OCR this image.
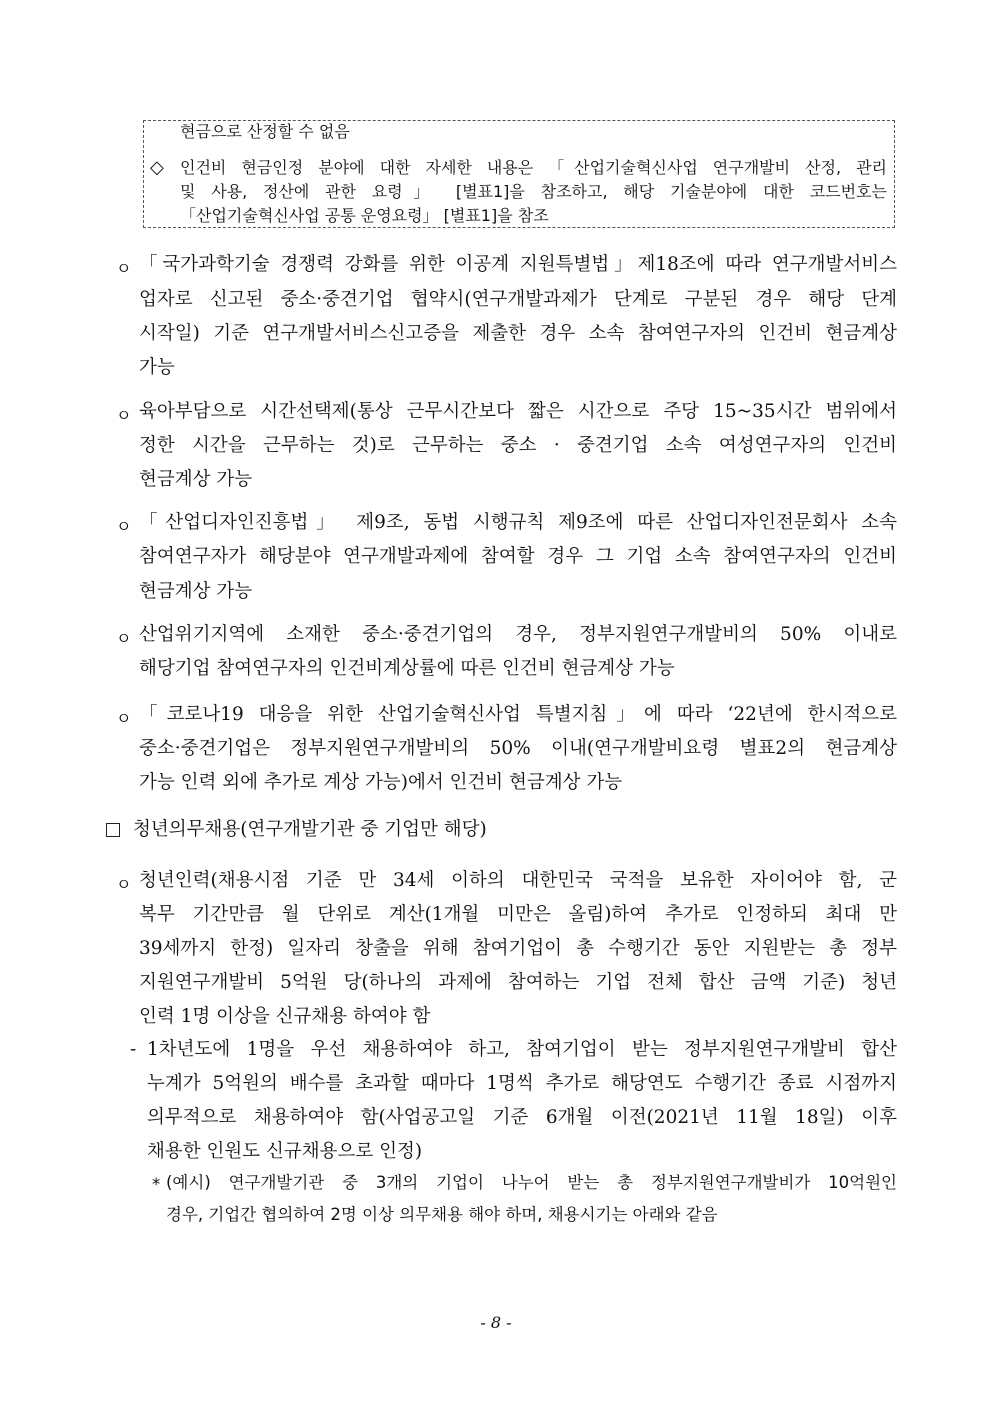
현금으로 산정할 수 없음
◇ 인건비 현금인정 분야에 대한 자세한 내용은 「산업기술혁신사업 연구개발비 산정, 관리
및 사용, 정산에 관한 요령」 [별표1]을 참조하고, 해당 기술분야에 대한 코드번호는
「산업기술혁신사업 공통 운영요령」 [별표1]을 참조
ㅇ 「국가과학기술 경쟁력 강화를 위한 이공계 지원특별법」제18조에 따라 연구개발서비스
업자로 신고된 중소·중견기업 협약시(연구개발과제가 단계로 구분된 경우 해당 단계
시작일) 기준 연구개발서비스신고증을 제출한 경우 소속 참여연구자의 인건비 현금계상
가능
ㅇ 육아부담으로 시간선택제(통상 근무시간보다 짧은 시간으로 주당 15~35시간 범위에서
정한 시간을 근무하는 것)로 근무하는 중소 · 중견기업 소속 여성연구자의 인건비
현금계상 가능
ㅇ 「산업디자인진흥법」 제9조, 동법 시행규칙 제9조에 따른 산업디자인전문회사 소속
참여연구자가 해당분야 연구개발과제에 참여할 경우 그 기업 소속 참여연구자의 인건비
현금계상 가능
ㅇ 산업위기지역에 소재한 중소·중견기업의 경우, 정부지원연구개발비의 50% 이내로
해당기업 참여연구자의 인건비계상률에 따른 인건비 현금계상 가능
ㅇ 「코로나19 대응을 위한 산업기술혁신사업 특별지침」에 따라 ‘22년에 한시적으로
중소·중견기업은 정부지원연구개발비의 50% 이내(연구개발비요령 별표2의 현금계상
가능 인력 외에 추가로 계상 가능)에서 인건비 현금계상 가능
청년의무채용(연구개발기관 중 기업만 해당)
ㅇ 청년인력(채용시점 기준 만 34세 이하의 대한민국 국적을 보유한 자이어야 함, 군
복무 기간만큼 월 단위로 계산(1개월 미만은 올림)하여 추가로 인정하되 최대 만
39세까지 한정) 일자리 창출을 위해 참여기업이 총 수행기간 동안 지원받는 총 정부
지원연구개발비 5억원 당(하나의 과제에 참여하는 기업 전체 합산 금액 기준) 청년
인력 1명 이상을 신규채용 하여야 함
- 1차년도에 1명을 우선 채용하여야 하고, 참여기업이 받는 정부지원연구개발비 합산
누계가 5억원의 배수를 초과할 때마다 1명씩 추가로 해당연도 수행기간 종료 시점까지
의무적으로 채용하여야 함(사업공고일 기준 6개월 이전(2021년 11월 18일) 이후
채용한 인원도 신규채용으로 인정)
* (예시) 연구개발기관 중 3개의 기업이 나누어 받는 총 정부지원연구개발비가 10억원인
경우, 기업간 협의하여 2명 이상 의무채용 해야 하며, 채용시기는 아래와 같음
- 8 -
